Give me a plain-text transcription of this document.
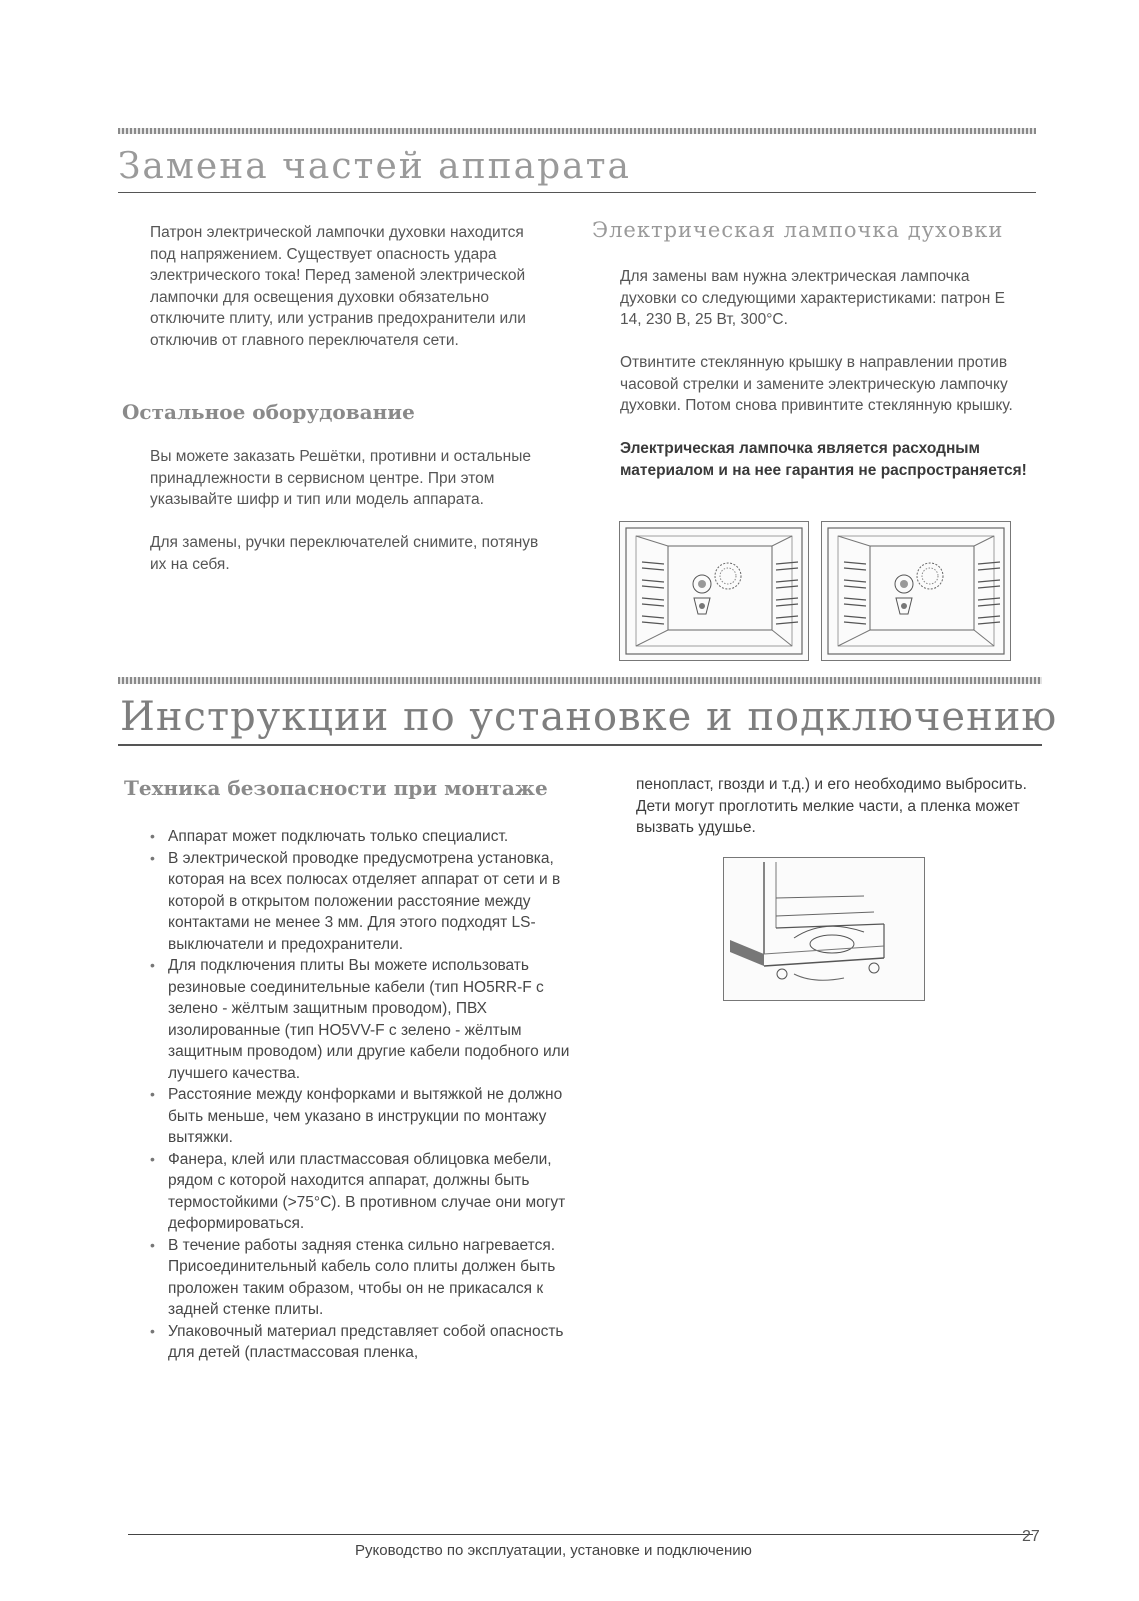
Замена частей аппарата

Патрон электрической лампочки духовки находится под напряжением. Существует опасность удара электрического тока! Перед заменой электрической лампочки для освещения духовки обязательно отключите плиту, или устранив предохранители или отключив от главного переключателя сети.

Остальное оборудование

Вы можете заказать Решётки, противни и остальные принадлежности в сервисном центре. При этом указывайте шифр и тип или модель аппарата.

Для замены, ручки переключателей снимите, потянув их на себя.

Электрическая лампочка духовки

Для замены вам нужна электрическая лампочка духовки со следующими характеристиками: патрон Е 14, 230 В, 25 Вт, 300°С.

Отвинтите стеклянную крышку в направлении против часовой стрелки и замените электрическую лампочку духовки. Потом снова привинтите стеклянную крышку.

Электрическая лампочка является расходным материалом и на нее гарантия не распространяется!

Инструкции по установке и подключению
Техника безопасности при монтаже
• Аппарат может подключать только специалист.
• В электрической проводке предусмотрена установка, которая на всех полюсах отделяет аппарат от сети и в которой в открытом положении расстояние между контактами не менее 3 мм. Для этого подходят LS-выключатели и предохранители.
• Для подключения плиты Вы можете использовать резиновые соединительные кабели (тип HO5RR-F с зелено - жёлтым защитным проводом), ПВХ изолированные (тип HO5VV-F с зелено - жёлтым защитным проводом) или другие кабели подобного или лучшего качества.
• Расстояние между конфорками и вытяжкой не должно быть меньше, чем указано в инструкции по монтажу вытяжки.
• Фанера, клей или пластмассовая облицовка мебели, рядом с которой находится аппарат, должны быть термостойкими (>75°С). В противном случае они могут деформироваться.
• В течение работы задняя стенка сильно нагревается. Присоединительный кабель соло плиты должен быть проложен таким образом, чтобы он не прикасался к задней стенке плиты.
• Упаковочный материал представляет собой опасность для детей (пластмассовая пленка,

пенопласт, гвозди и т.д.) и его необходимо выбросить. Дети могут проглотить мелкие части, а пленка может вызвать удушье.

Руководство по эксплуатации, установке и подключению

27
